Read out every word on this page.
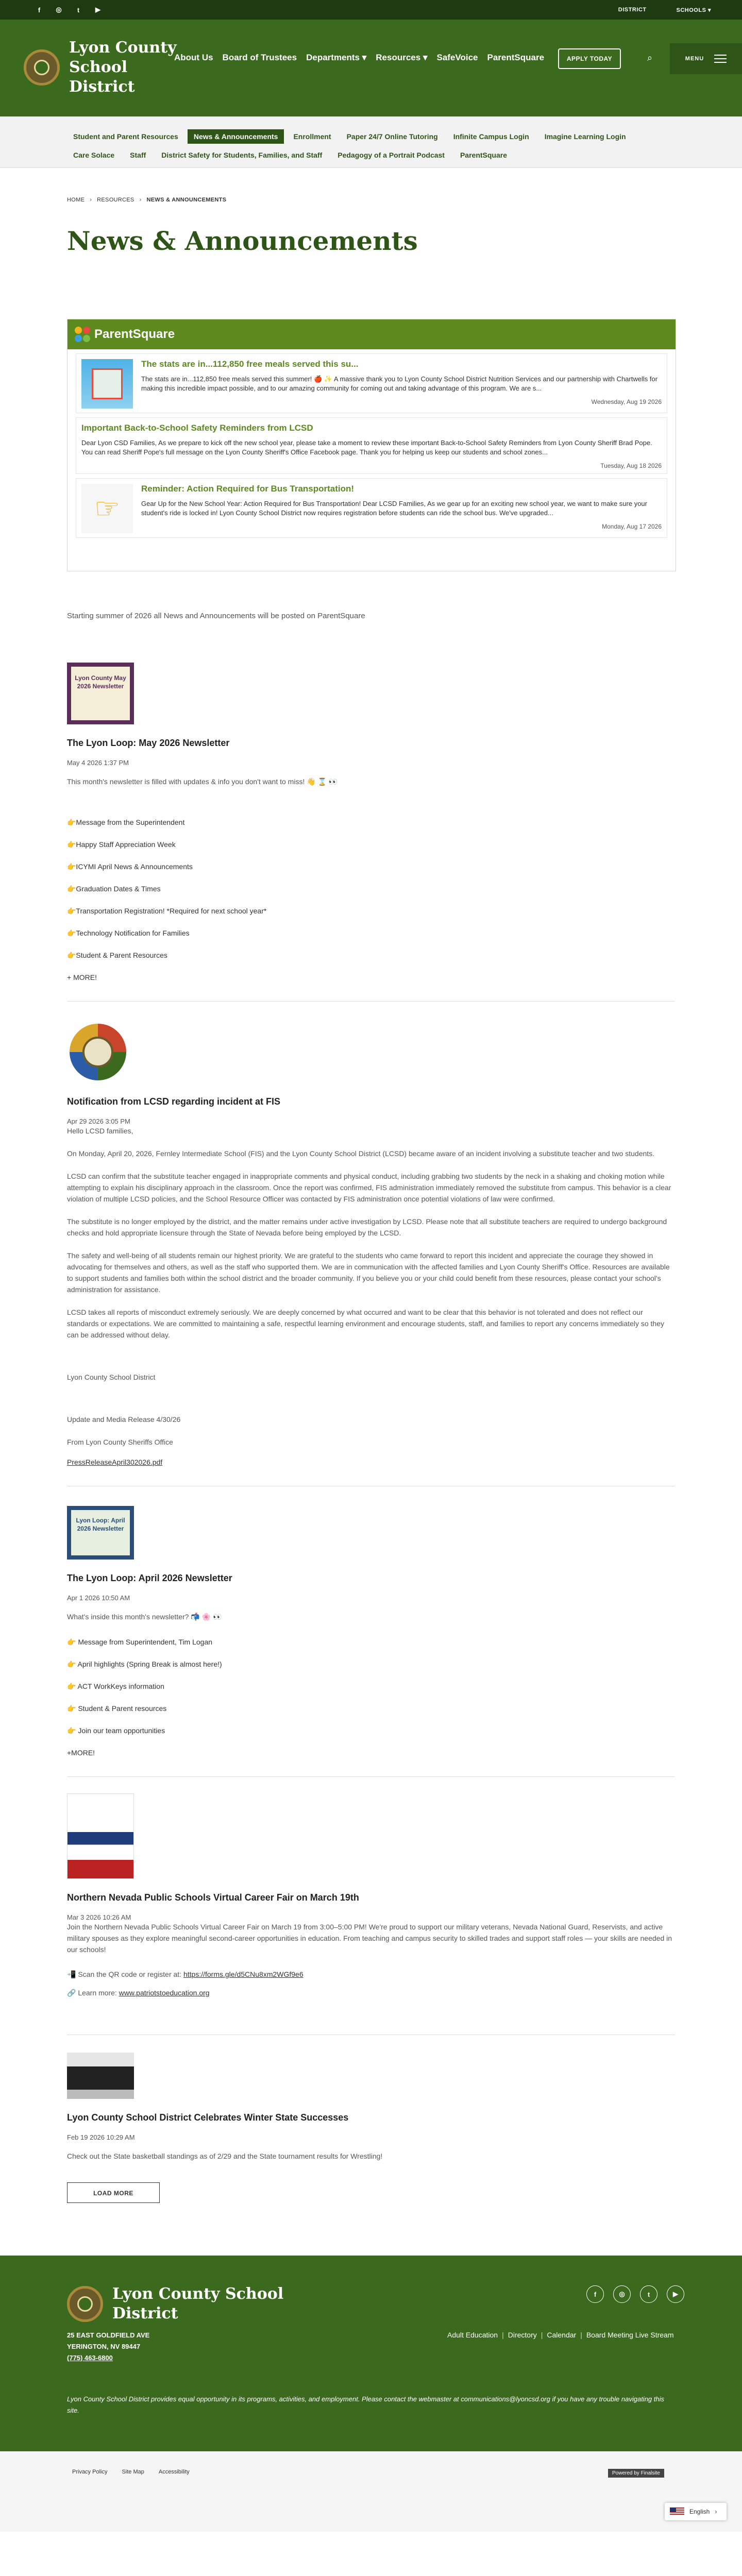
f	◎	t	▶	DISTRICT	SCHOOLS ▾
Lyon County
School
District
About Us Board of Trustees Departments ▾ Resources ▾ SafeVoice ParentSquare	APPLY TODAY	⌕	MENU
Student and Parent Resources	News & Announcements	Enrollment	Paper 24/7 Online Tutoring	Infinite Campus Login	Imagine Learning Login
Care Solace	Staff	District Safety for Students, Families, and Staff	Pedagogy of a Portrait Podcast	ParentSquare
HOME › RESOURCES › NEWS & ANNOUNCEMENTS
News & Announcements
ParentSquare
The stats are in...112,850 free meals served this su...
The stats are in...112,850 free meals served this summer! 🍎 ✨ A massive thank you to Lyon County School District Nutrition Services and our partnership with Chartwells for making this incredible impact possible, and to our amazing community for coming out and taking advantage of this program. We are s...
Wednesday, Aug 19 2026
Important Back-to-School Safety Reminders from LCSD
Dear Lyon CSD Families, As we prepare to kick off the new school year, please take a moment to review these important Back-to-School Safety Reminders from Lyon County Sheriff Brad Pope. You can read Sheriff Pope's full message on the Lyon County Sheriff's Office Facebook page. Thank you for helping us keep our students and school zones...
Tuesday, Aug 18 2026
☞
Reminder: Action Required for Bus Transportation!
Gear Up for the New School Year: Action Required for Bus Transportation! Dear LCSD Families, As we gear up for an exciting new school year, we want to make sure your student's ride is locked in! Lyon County School District now requires registration before students can ride the school bus. We've upgraded...
Monday, Aug 17 2026

Starting summer of 2026 all News and Announcements will be posted on ParentSquare

Lyon County May 2026 Newsletter
The Lyon Loop: May 2026 Newsletter
May 4 2026 1:37 PM
This month's newsletter is filled with updates & info you don't want to miss! 👋 ⌛ 👀
👉Message from the Superintendent
👉Happy Staff Appreciation Week
👉ICYMI April News & Announcements
👉Graduation Dates & Times
👉Transportation Registration! *Required for next school year*
👉Technology Notification for Families
👉Student & Parent Resources
+ MORE!
Notification from LCSD regarding incident at FIS
Apr 29 2026 3:05 PM
Hello LCSD families,
On Monday, April 20, 2026, Fernley Intermediate School (FIS) and the Lyon County School District (LCSD) became aware of an incident involving a substitute teacher and two students.
LCSD can confirm that the substitute teacher engaged in inappropriate comments and physical conduct, including grabbing two students by the neck in a shaking and choking motion while attempting to explain his disciplinary approach in the classroom. Once the report was confirmed, FIS administration immediately removed the substitute from campus. This behavior is a clear violation of multiple LCSD policies, and the School Resource Officer was contacted by FIS administration once potential violations of law were confirmed.
The substitute is no longer employed by the district, and the matter remains under active investigation by LCSD. Please note that all substitute teachers are required to undergo background checks and hold appropriate licensure through the State of Nevada before being employed by the LCSD.
The safety and well-being of all students remain our highest priority. We are grateful to the students who came forward to report this incident and appreciate the courage they showed in advocating for themselves and others, as well as the staff who supported them. We are in communication with the affected families and Lyon County Sheriff's Office. Resources are available to support students and families both within the school district and the broader community. If you believe you or your child could benefit from these resources, please contact your school's administration for assistance.
LCSD takes all reports of misconduct extremely seriously. We are deeply concerned by what occurred and want to be clear that this behavior is not tolerated and does not reflect our standards or expectations. We are committed to maintaining a safe, respectful learning environment and encourage students, staff, and families to report any concerns immediately so they can be addressed without delay.
Lyon County School District
Update and Media Release 4/30/26
From Lyon County Sheriffs Office
PressReleaseApril302026.pdf
Lyon Loop: April 2026 Newsletter
The Lyon Loop: April 2026 Newsletter
Apr 1 2026 10:50 AM
What's inside this month's newsletter? 📬 🌸 👀
👉 Message from Superintendent, Tim Logan
👉 April highlights (Spring Break is almost here!)
👉 ACT WorkKeys information
👉 Student & Parent resources
👉 Join our team opportunities
+MORE!
Northern Nevada Public Schools Virtual Career Fair on March 19th
Mar 3 2026 10:26 AM
Join the Northern Nevada Public Schools Virtual Career Fair on March 19 from 3:00–5:00 PM! We're proud to support our military veterans, Nevada National Guard, Reservists, and active military spouses as they explore meaningful second-career opportunities in education. From teaching and campus security to skilled trades and support staff roles — your skills are needed in our schools!
📲 Scan the QR code or register at: https://forms.gle/d5CNu8xm2WGf9e6
🔗 Learn more: www.patriotstoeducation.org
Lyon County School District Celebrates Winter State Successes
Feb 19 2026 10:29 AM
Check out the State basketball standings as of 2/29 and the State tournament results for Wrestling!
LOAD MORE
Lyon County School
District
25 EAST GOLDFIELD AVE
YERINGTON, NV 89447
(775) 463-6800
f	◎	t	▶
Adult Education | Directory | Calendar | Board Meeting Live Stream
Lyon County School District provides equal opportunity in its programs, activities, and employment. Please contact the webmaster at communications@lyoncsd.org if you have any trouble navigating this site.
Privacy Policy	Site Map	Accessibility	Powered by Finalsite
English ›
